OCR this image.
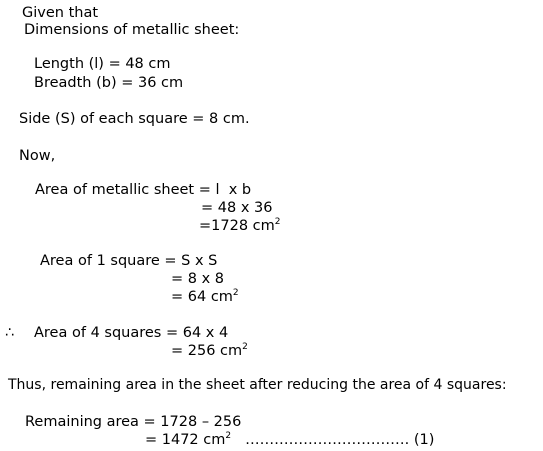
Given that
Dimensions of metallic sheet:
Length (l) = 48 cm
Breadth (b) = 36 cm
Side (S) of each square = 8 cm.
Now,
Area of metallic sheet = l  x b
= 48 x 36
=1728 $cm^2$
Area of 1 square = S x S
= 8 x 8
= 64 $cm^2$
∴ Area of 4 squares = 64 x 4
= 256 $cm^2$
Thus, remaining area in the sheet after reducing the area of 4 squares:
Remaining area = 1728 – 256
= 1472 $cm^2$ ……………………………. (1)
